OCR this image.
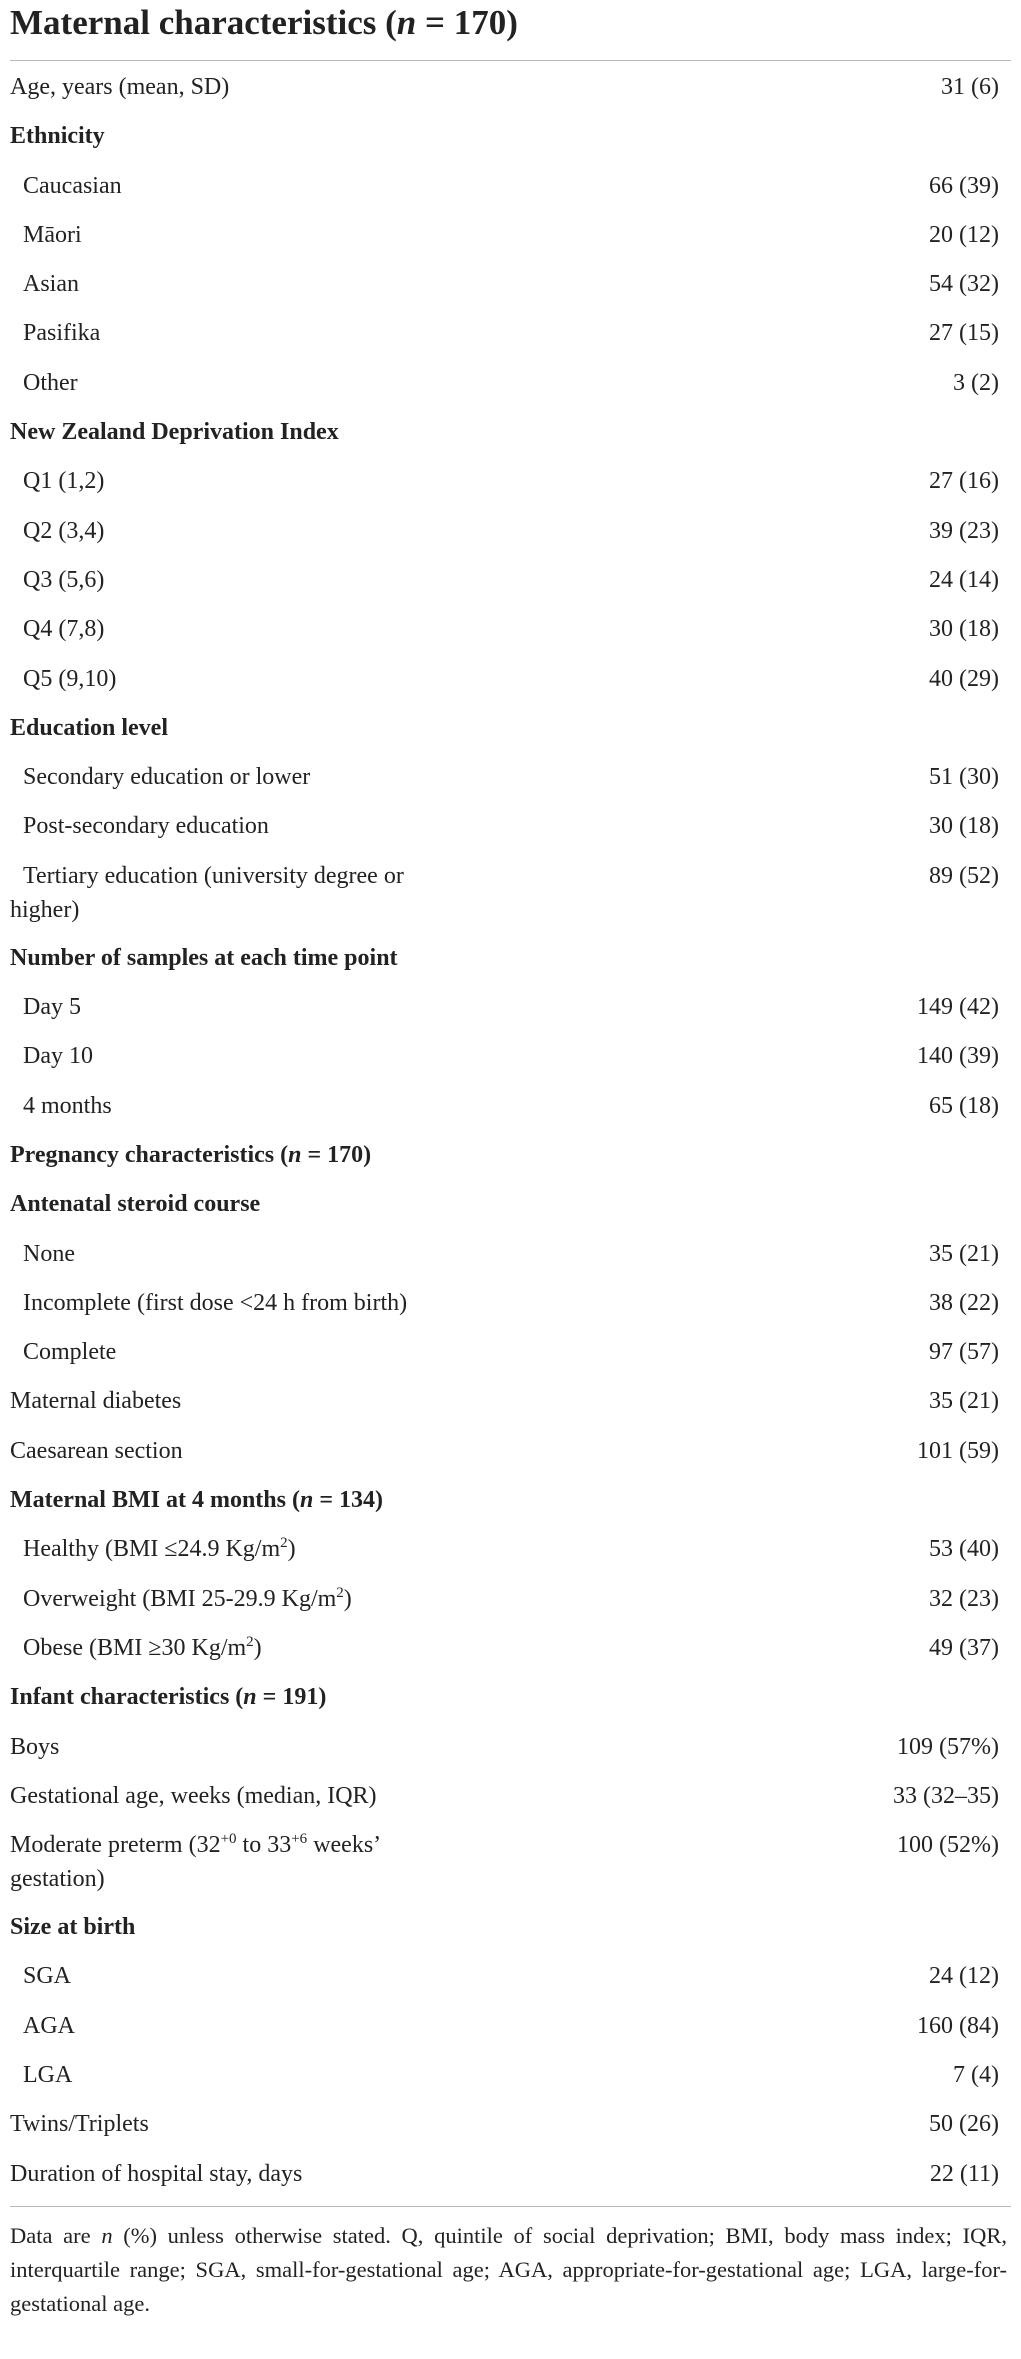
Maternal characteristics (n = 170)
Age, years (mean, SD)	31 (6)
Ethnicity	
Caucasian	66 (39)
Māori	20 (12)
Asian	54 (32)
Pasifika	27 (15)
Other	3 (2)
New Zealand Deprivation Index	
Q1 (1,2)	27 (16)
Q2 (3,4)	39 (23)
Q3 (5,6)	24 (14)
Q4 (7,8)	30 (18)
Q5 (9,10)	40 (29)
Education level	
Secondary education or lower	51 (30)
Post-secondary education	30 (18)

Tertiary education (university degree or
higher)	89 (52)
Number of samples at each time point	
Day 5	149 (42)
Day 10	140 (39)
4 months	65 (18)
Pregnancy characteristics (n = 170)	
Antenatal steroid course	
None	35 (21)
Incomplete (first dose <24 h from birth)	38 (22)
Complete	97 (57)
Maternal diabetes	35 (21)
Caesarean section	101 (59)
Maternal BMI at 4 months (n = 134)	
Healthy (BMI ≤24.9 $Kg/m^2$)	53 (40)
Overweight (BMI 25-29.9 $Kg/m^2$)	32 (23)
Obese (BMI ≥30 $Kg/m^2$)	49 (37)
Infant characteristics (n = 191)	
Boys	109 (57%)
Gestational age, weeks (median, IQR)	33 (32–35)

Moderate preterm ($32^{+0}$ to $33^{+6}$ weeks’
gestation)	100 (52%)
Size at birth	
SGA	24 (12)
AGA	160 (84)
LGA	7 (4)
Twins/Triplets	50 (26)
Duration of hospital stay, days	22 (11)
Data are n (%) unless otherwise stated. Q, quintile of social deprivation; BMI, body mass index; IQR, interquartile range; SGA, small-for-gestational age; AGA, appropriate-for-gestational age; LGA, large-for-gestational age.
